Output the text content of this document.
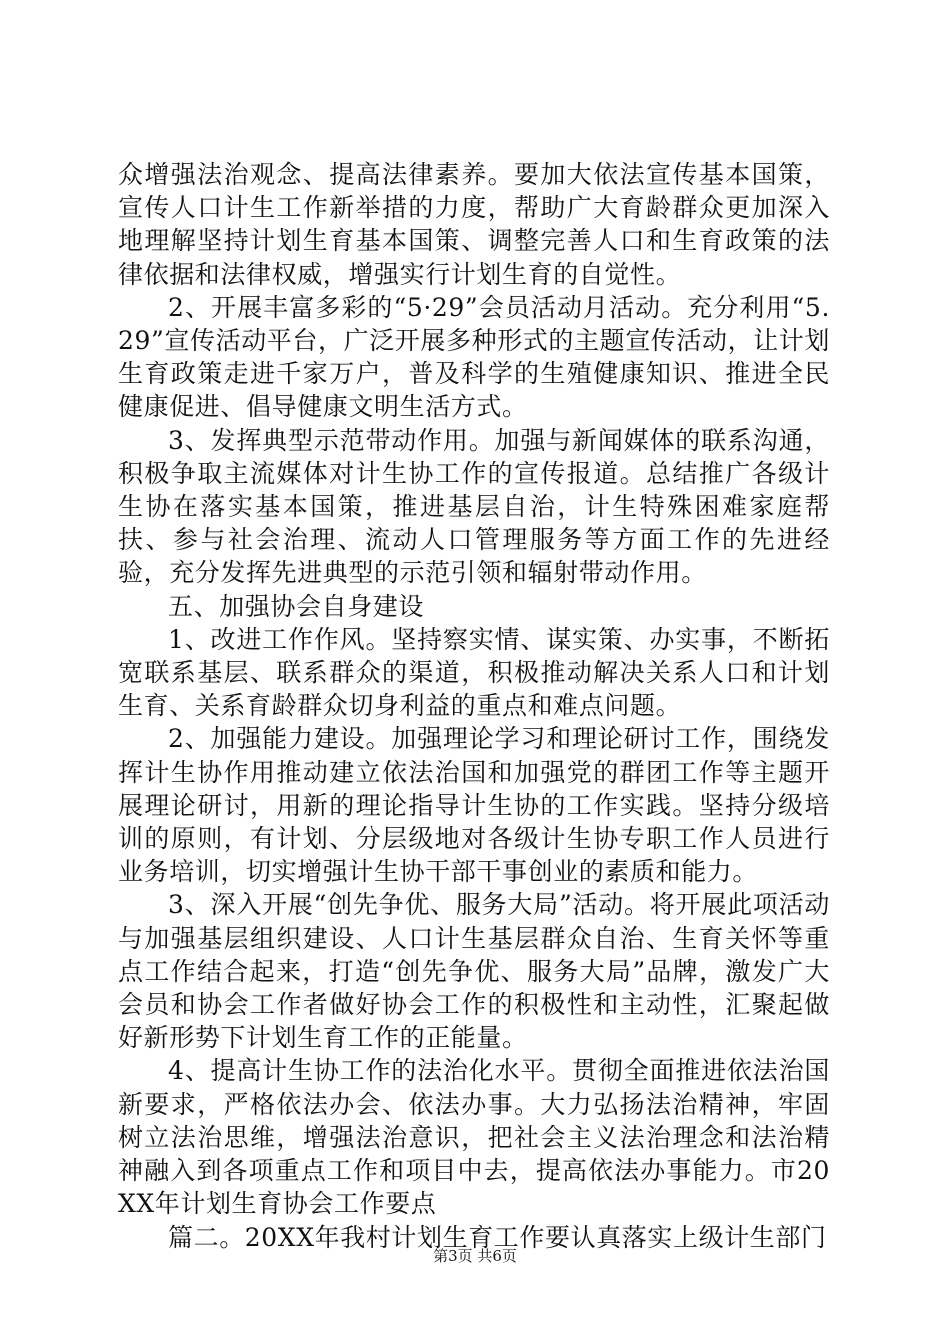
众增强法治观念、提高法律素养。要加大依法宣传基本国策，宣传人口计生工作新举措的力度，帮助广大育龄群众更加深入地理解坚持计划生育基本国策、调整完善人口和生育政策的法律依据和法律权威，增强实行计划生育的自觉性。

2、开展丰富多彩的“5·29”会员活动月活动。充分利用“5.29”宣传活动平台，广泛开展多种形式的主题宣传活动，让计划生育政策走进千家万户，普及科学的生殖健康知识、推进全民健康促进、倡导健康文明生活方式。

3、发挥典型示范带动作用。加强与新闻媒体的联系沟通，积极争取主流媒体对计生协工作的宣传报道。总结推广各级计生协在落实基本国策，推进基层自治，计生特殊困难家庭帮扶、参与社会治理、流动人口管理服务等方面工作的先进经验，充分发挥先进典型的示范引领和辐射带动作用。

五、加强协会自身建设

1、改进工作作风。坚持察实情、谋实策、办实事，不断拓宽联系基层、联系群众的渠道，积极推动解决关系人口和计划生育、关系育龄群众切身利益的重点和难点问题。

2、加强能力建设。加强理论学习和理论研讨工作，围绕发挥计生协作用推动建立依法治国和加强党的群团工作等主题开展理论研讨，用新的理论指导计生协的工作实践。坚持分级培训的原则，有计划、分层级地对各级计生协专职工作人员进行业务培训，切实增强计生协干部干事创业的素质和能力。

3、深入开展“创先争优、服务大局”活动。将开展此项活动与加强基层组织建设、人口计生基层群众自治、生育关怀等重点工作结合起来，打造“创先争优、服务大局”品牌，激发广大会员和协会工作者做好协会工作的积极性和主动性，汇聚起做好新形势下计划生育工作的正能量。

4、提高计生协工作的法治化水平。贯彻全面推进依法治国新要求，严格依法办会、依法办事。大力弘扬法治精神，牢固树立法治思维，增强法治意识，把社会主义法治理念和法治精神融入到各项重点工作和项目中去，提高依法办事能力。市20XX年计划生育协会工作要点

篇二。20XX年我村计划生育工作要认真落实上级计生部门

第3页 共6页
